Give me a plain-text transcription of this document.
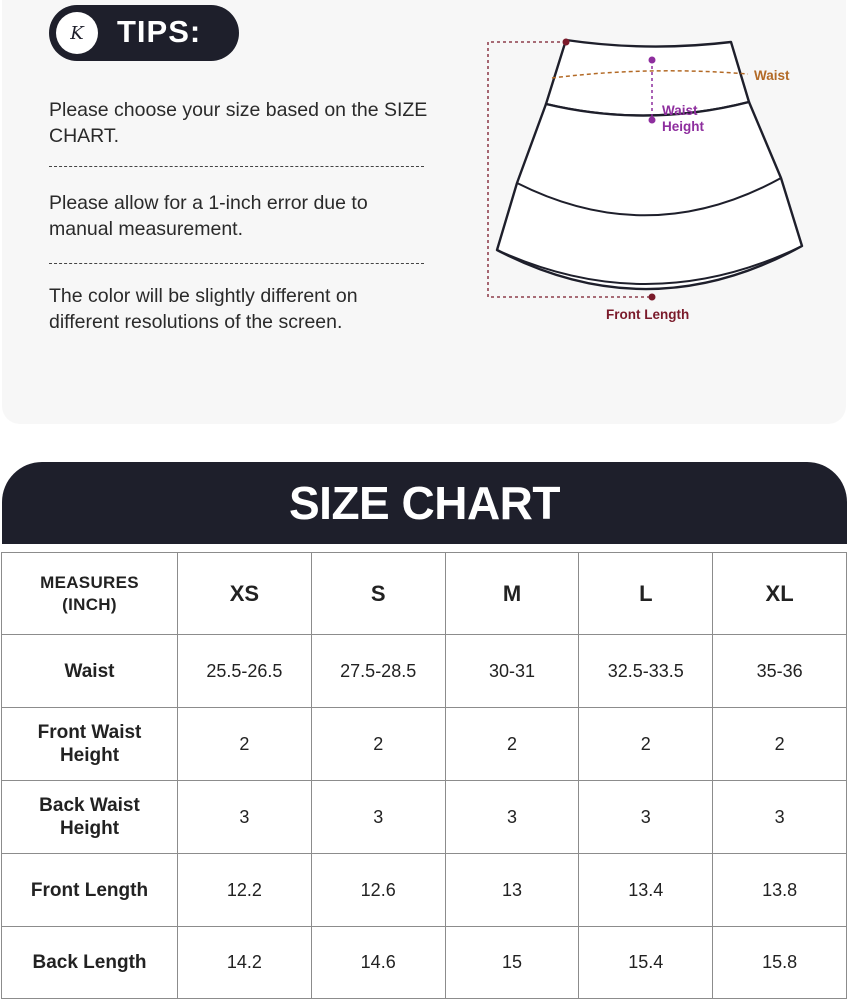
K TIPS:
Please choose your size based on the SIZE CHART.
Please allow for a 1-inch error due to manual measurement.
The color will be slightly different on different resolutions of the screen.
Waist
Waist
Height
Front Length
SIZE CHART
MEASURES
(INCH)	XS	S	M	L	XL
Waist	25.5-26.5	27.5-28.5	30-31	32.5-33.5	35-36
Front Waist
Height	2	2	2	2	2
Back Waist
Height	3	3	3	3	3
Front Length	12.2	12.6	13	13.4	13.8
Back Length	14.2	14.6	15	15.4	15.8
